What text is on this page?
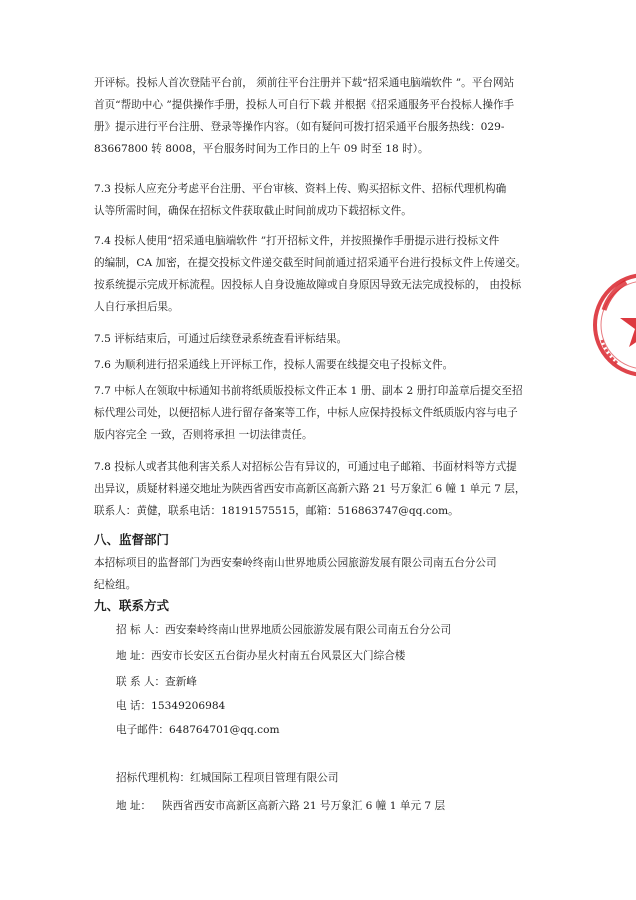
开评标。投标人首次登陆平台前， 须前往平台注册并下载“招采通电脑端软件 ”。平台网站
首页“帮助中心 ”提供操作手册，投标人可自行下载 并根据《招采通服务平台投标人操作手
册》提示进行平台注册、登录等操作内容。（如有疑问可拨打招采通平台服务热线：029-
83667800 转 8008，平台服务时间为工作日的上午 09 时至 18 时）。

7.3 投标人应充分考虑平台注册、平台审核、资料上传、购买招标文件、招标代理机构确
认等所需时间，确保在招标文件获取截止时间前成功下载招标文件。

7.4 投标人使用“招采通电脑端软件 ”打开招标文件，并按照操作手册提示进行投标文件
的编制，CA 加密，在提交投标文件递交截至时间前通过招采通平台进行投标文件上传递交。
按系统提示完成开标流程。因投标人自身设施故障或自身原因导致无法完成投标的， 由投标
人自行承担后果。

7.5 评标结束后，可通过后续登录系统查看评标结果。

7.6 为顺利进行招采通线上开评标工作，投标人需要在线提交电子投标文件。

7.7 中标人在领取中标通知书前将纸质版投标文件正本 1 册、副本 2 册打印盖章后提交至招
标代理公司处，以便招标人进行留存备案等工作，中标人应保持投标文件纸质版内容与电子
版内容完全 一致，否则将承担 一切法律责任。

7.8 投标人或者其他利害关系人对招标公告有异议的，可通过电子邮箱、书面材料等方式提
出异议，质疑材料递交地址为陕西省西安市高新区高新六路 21 号万象汇 6 幢 1 单元 7 层，
联系人：黄健，联系电话：18191575515，邮箱：516863747@qq.com。

八、监督部门

本招标项目的监督部门为西安秦岭终南山世界地质公园旅游发展有限公司南五台分公司
纪检组。

九、联系方式
招 标 人：西安秦岭终南山世界地质公园旅游发展有限公司南五台分公司
地 址：西安市长安区五台街办星火村南五台风景区大门综合楼
联 系 人：查新峰
电 话：15349206984
电子邮件：648764701@qq.com
招标代理机构：红城国际工程项目管理有限公司
地 址： 陕西省西安市高新区高新六路 21 号万象汇 6 幢 1 单元 7 层
